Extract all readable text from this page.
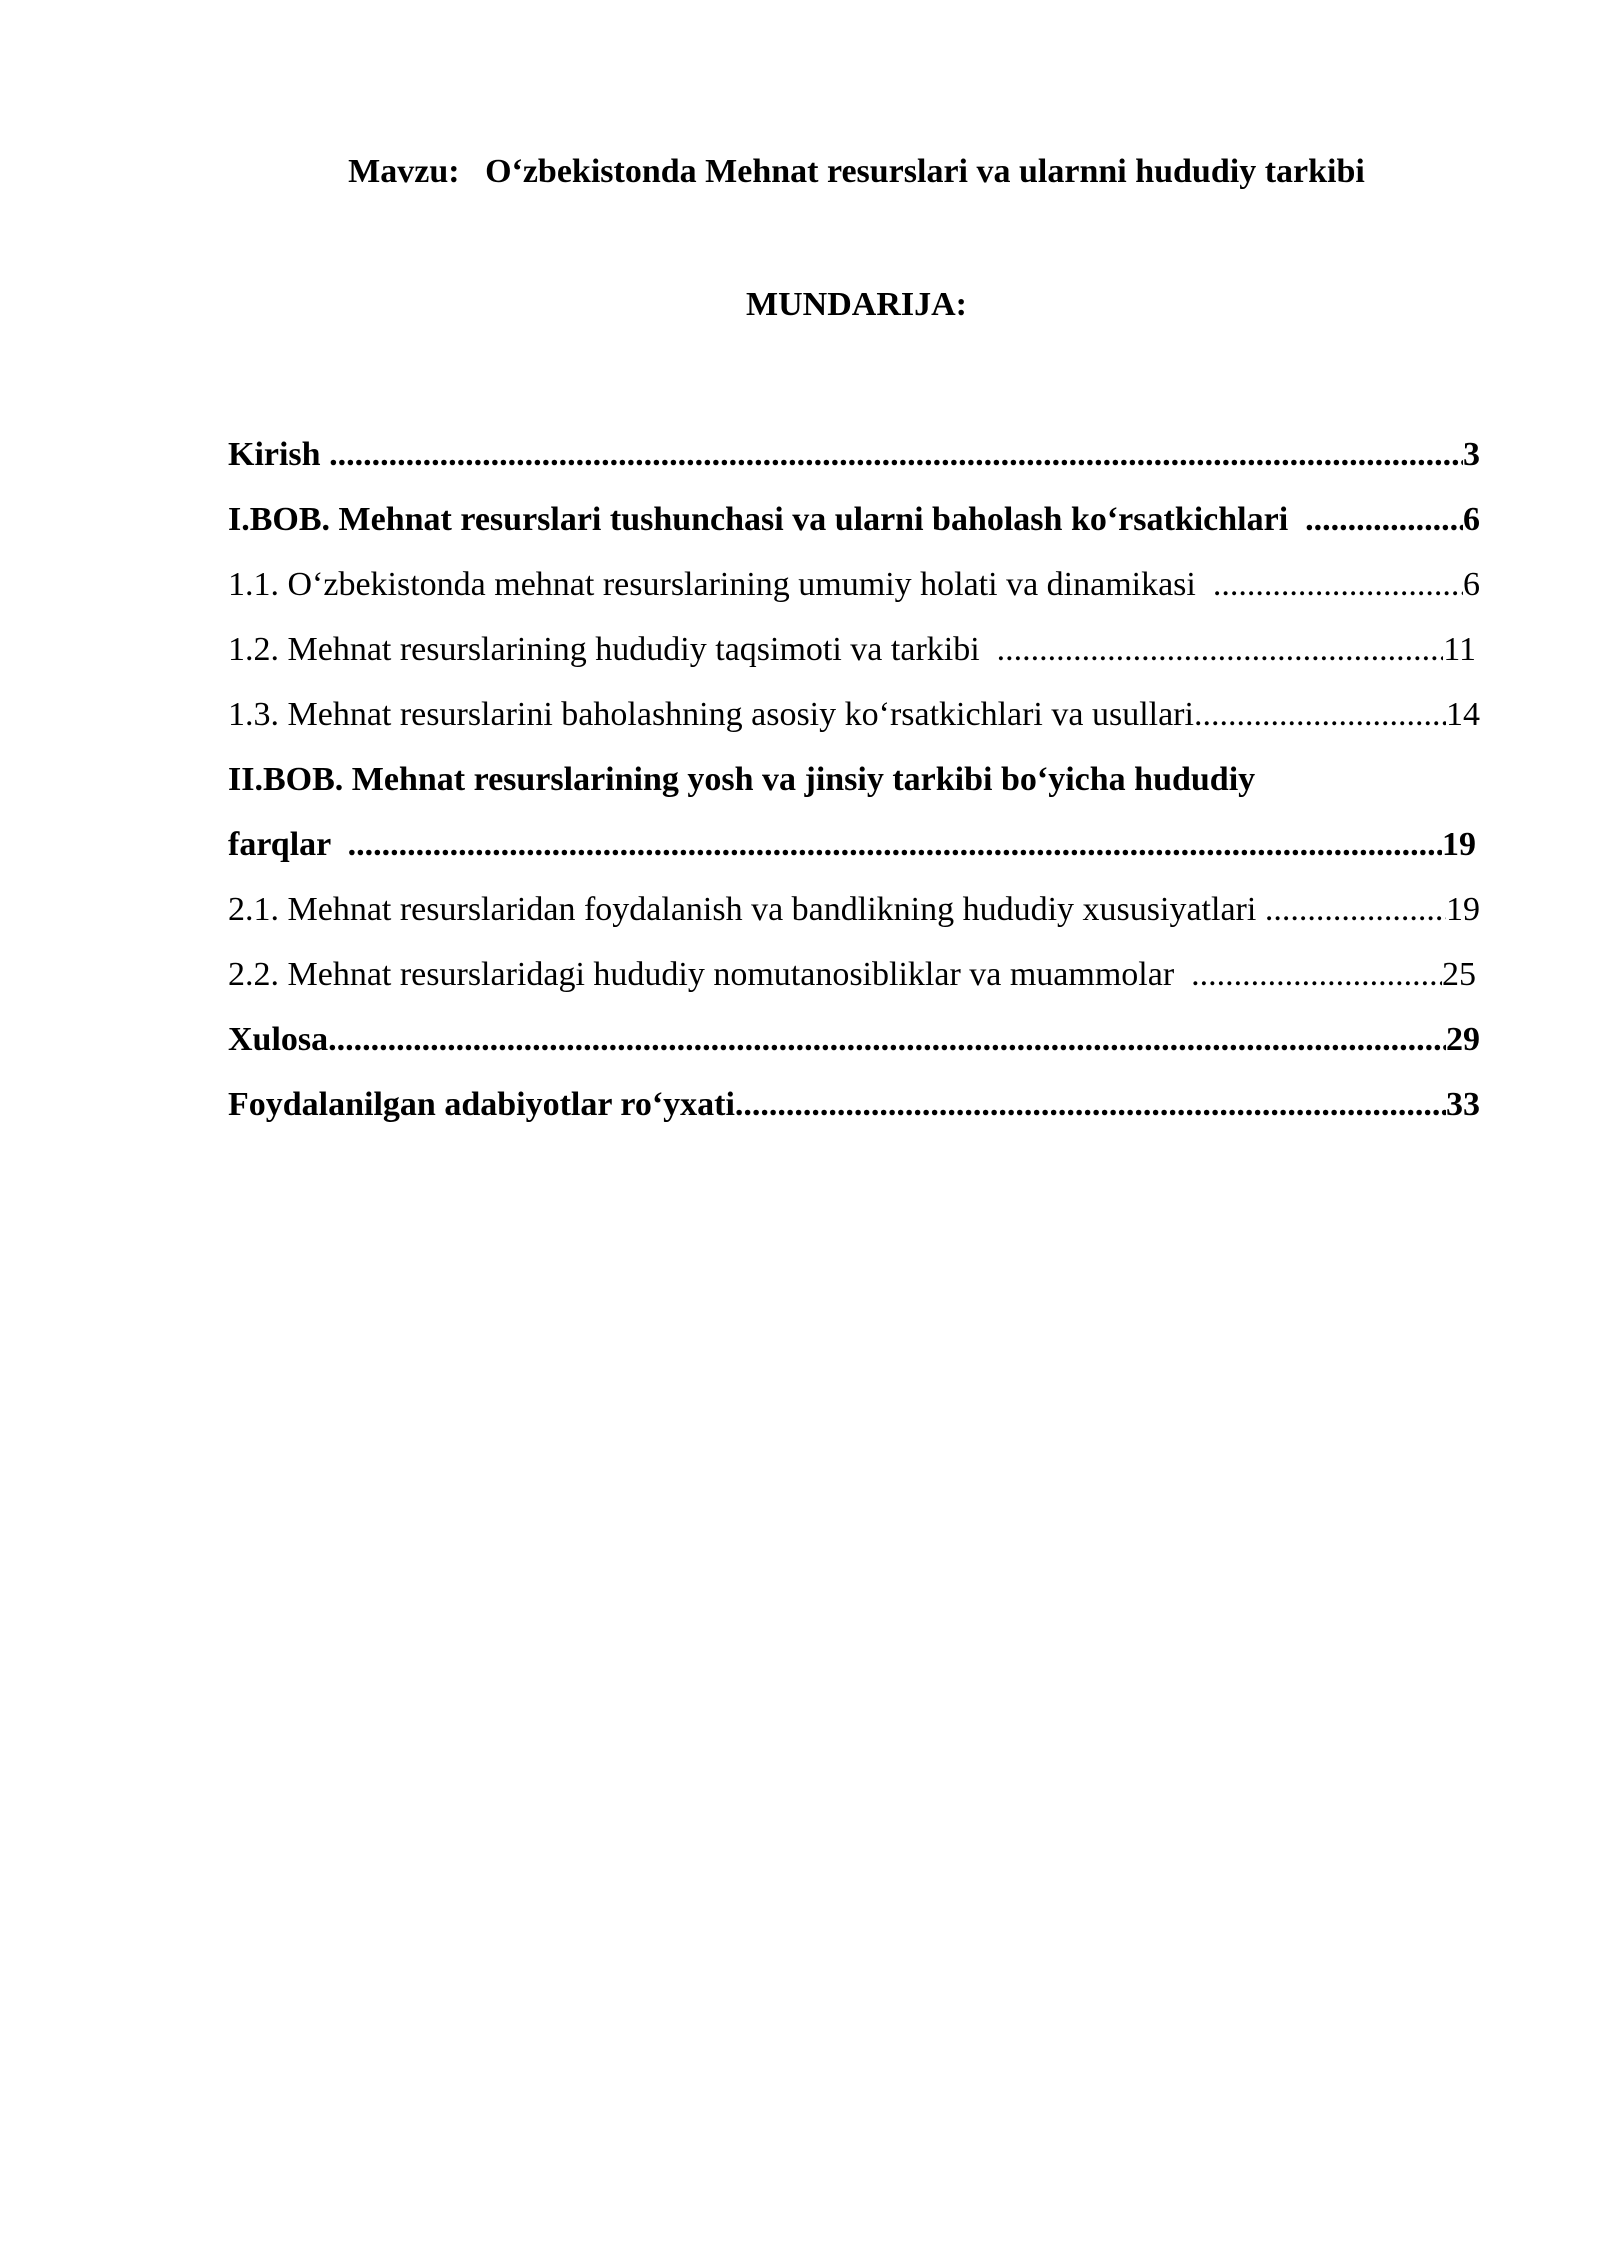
Mavzu:   O‘zbekistonda Mehnat resurslari va ularnni hududiy tarkibi
MUNDARIJA:
Kirish .....	3
I.BOB. Mehnat resurslari tushunchasi va ularni baholash ko‘rsatkichlari .....	6
1.1. O‘zbekistonda mehnat resurslarining umumiy holati va dinamikasi .....	6
1.2. Mehnat resurslarining hududiy taqsimoti va tarkibi .....	11
1.3. Mehnat resurslarini baholashning asosiy ko‘rsatkichlari va usullari .....	14
II.BOB. Mehnat resurslarining yosh va jinsiy tarkibi bo‘yicha hududiy
farqlar .....	19
2.1. Mehnat resurslaridan foydalanish va bandlikning hududiy xususiyatlari .....	19
2.2. Mehnat resurslaridagi hududiy nomutanosibliklar va muammolar .....	25
Xulosa .....	29
Foydalanilgan adabiyotlar ro‘yxati .....	33
